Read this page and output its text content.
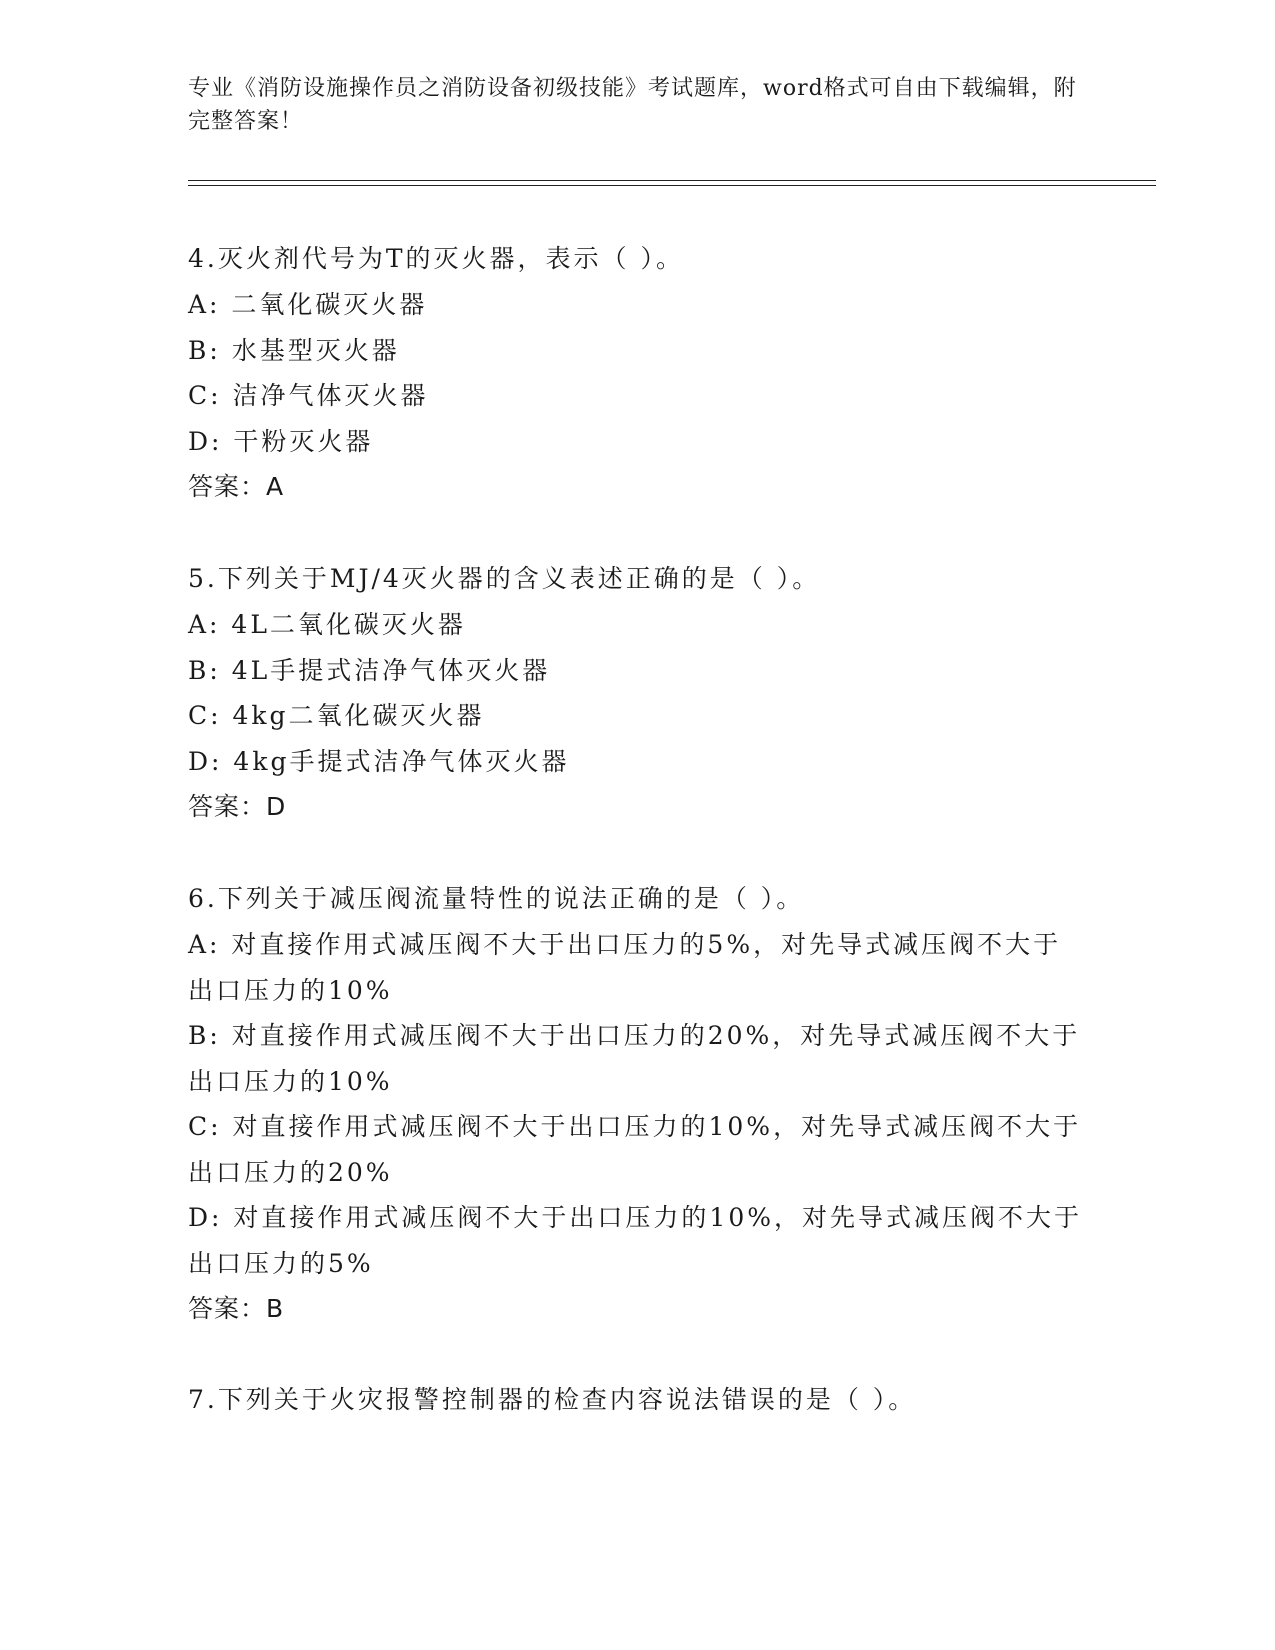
专业《消防设施操作员之消防设备初级技能》考试题库，word格式可自由下载编辑，附完整答案！
4.灭火剂代号为T的灭火器，表示（ ）。
A: 二氧化碳灭火器
B: 水基型灭火器
C: 洁净气体灭火器
D: 干粉灭火器
答案：A
5.下列关于MJ/4灭火器的含义表述正确的是（ ）。
A: 4L二氧化碳灭火器
B: 4L手提式洁净气体灭火器
C: 4kg二氧化碳灭火器
D: 4kg手提式洁净气体灭火器
答案：D
6.下列关于减压阀流量特性的说法正确的是（ ）。
A: 对直接作用式减压阀不大于出口压力的5%，对先导式减压阀不大于出口压力的10%
B: 对直接作用式减压阀不大于出口压力的20%，对先导式减压阀不大于出口压力的10%
C: 对直接作用式减压阀不大于出口压力的10%，对先导式减压阀不大于出口压力的20%
D: 对直接作用式减压阀不大于出口压力的10%，对先导式减压阀不大于出口压力的5%
答案：B
7.下列关于火灾报警控制器的检查内容说法错误的是（ ）。
